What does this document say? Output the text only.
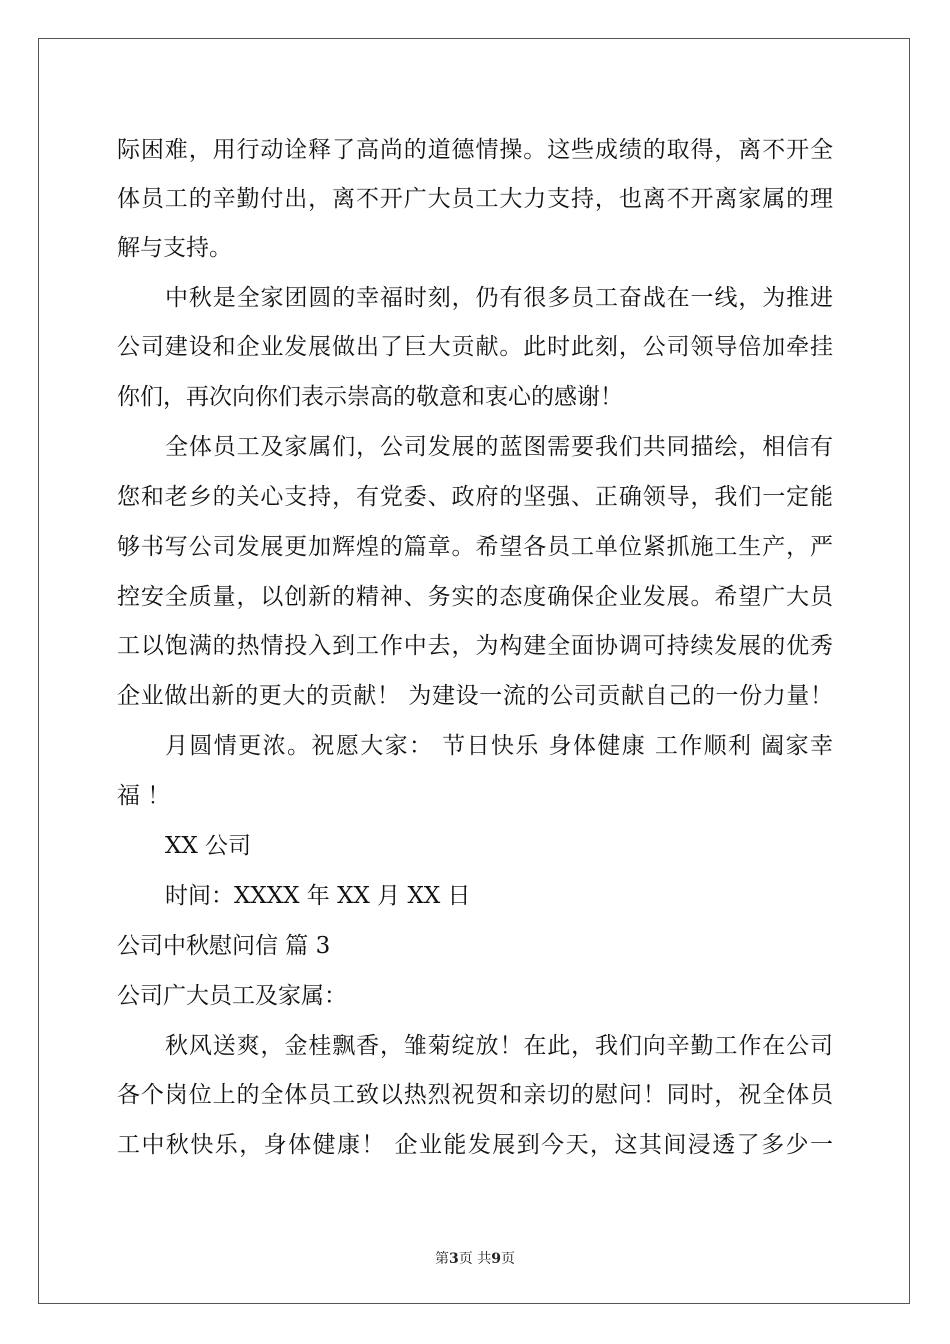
际困难，用行动诠释了高尚的道德情操。这些成绩的取得，离不开全
体员工的辛勤付出，离不开广大员工大力支持，也离不开离家属的理
解与支持。
中秋是全家团圆的幸福时刻，仍有很多员工奋战在一线，为推进
公司建设和企业发展做出了巨大贡献。此时此刻，公司领导倍加牵挂
你们，再次向你们表示崇高的敬意和衷心的感谢！
全体员工及家属们，公司发展的蓝图需要我们共同描绘，相信有
您和老乡的关心支持，有党委、政府的坚强、正确领导，我们一定能
够书写公司发展更加辉煌的篇章。希望各员工单位紧抓施工生产，严
控安全质量，以创新的精神、务实的态度确保企业发展。希望广大员
工以饱满的热情投入到工作中去，为构建全面协调可持续发展的优秀
企业做出新的更大的贡献！ 为建设一流的公司贡献自己的一份力量！
月圆情更浓。祝愿大家： 节日快乐 身体健康 工作顺利 阖家幸
福 ！
XX 公司
时间：XXXX 年 XX 月 XX 日
公司中秋慰问信 篇 3
公司广大员工及家属：
秋风送爽，金桂飘香，雏菊绽放！在此，我们向辛勤工作在公司
各个岗位上的全体员工致以热烈祝贺和亲切的慰问！同时，祝全体员
工中秋快乐，身体健康！ 企业能发展到今天，这其间浸透了多少一
第3页 共9页
